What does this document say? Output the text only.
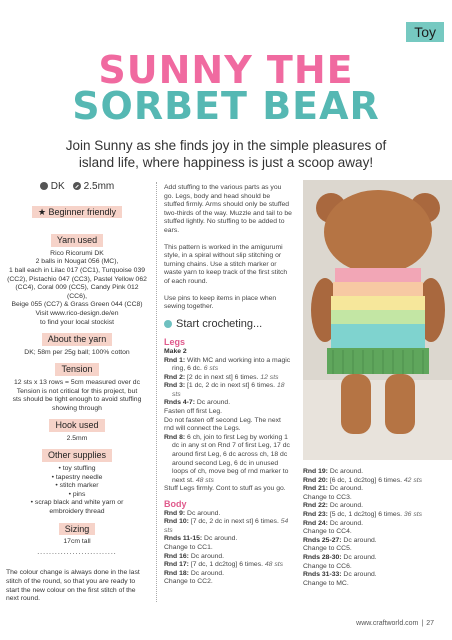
Toy
SUNNY THE
SORBET BEAR
Join Sunny as she finds joy in the simple pleasures of island life, where happiness is just a scoop away!
DK	2.5mm
★ Beginner friendly
Yarn used
Rico Ricorumi DK
2 balls in Nougat 056 (MC),
1 ball each in Lilac 017 (CC1), Turquoise 039
(CC2), Pistachio 047 (CC3), Pastel Yellow 062
(CC4), Coral 009 (CC5), Candy Pink 012 (CC6),
Beige 055 (CC7) & Grass Green 044 (CC8)
Visit www.rico-design.de/en
to find your local stockist
About the yarn
DK; 58m per 25g ball; 100% cotton
Tension
12 sts x 13 rows = 5cm measured over dc
Tension is not critical for this project, but
sts should be tight enough to avoid stuffing
showing through
Hook used
2.5mm
Other supplies
• toy stuffing
• tapestry needle
• stitch marker
• pins
• scrap black and white yarn or
embroidery thread
Sizing
17cm tall
...........................
The colour change is always done in the last stitch of the round, so that you are ready to start the new colour on the first stitch of the next round.

Add stuffing to the various parts as you go. Legs, body and head should be stuffed firmly. Arms should only be stuffed two-thirds of the way. Muzzle and tail to be stuffed lightly. No stuffing to be added to ears.

This pattern is worked in the amigurumi style, in a spiral without slip stitching or turning chains. Use a stitch marker or waste yarn to keep track of the first stitch of each round.

Use pins to keep items in place when sewing together.

Start crocheting...
Legs
Make 2
Rnd 1: With MC and working into a magic ring, 6 dc. 6 sts
Rnd 2: [2 dc in next st] 6 times. 12 sts
Rnd 3: [1 dc, 2 dc in next st] 6 times. 18 sts
Rnds 4-7: Dc around.
Fasten off first Leg.
Do not fasten off second Leg. The next rnd will connect the Legs.
Rnd 8: 6 ch, join to first Leg by working 1 dc in any st on Rnd 7 of first Leg, 17 dc around first Leg, 6 dc across ch, 18 dc around second Leg, 6 dc in unused loops of ch, move beg of rnd marker to next st. 48 sts
Stuff Legs firmly. Cont to stuff as you go.
Body
Rnd 9: Dc around.
Rnd 10: [7 dc, 2 dc in next st] 6 times. 54 sts
Rnds 11-15: Dc around.
Change to CC1.
Rnd 16: Dc around.
Rnd 17: [7 dc, 1 dc2tog] 6 times. 48 sts
Rnd 18: Dc around.
Change to CC2.
Rnd 19: Dc around.
Rnd 20: [6 dc, 1 dc2tog] 6 times. 42 sts
Rnd 21: Dc around.
Change to CC3.
Rnd 22: Dc around.
Rnd 23: [5 dc, 1 dc2tog] 6 times. 36 sts
Rnd 24: Dc around.
Change to CC4.
Rnds 25-27: Dc around.
Change to CC5.
Rnds 28-30: Dc around.
Change to CC6.
Rnds 31-33: Dc around.
Change to MC.
www.craftworld.com | 27
